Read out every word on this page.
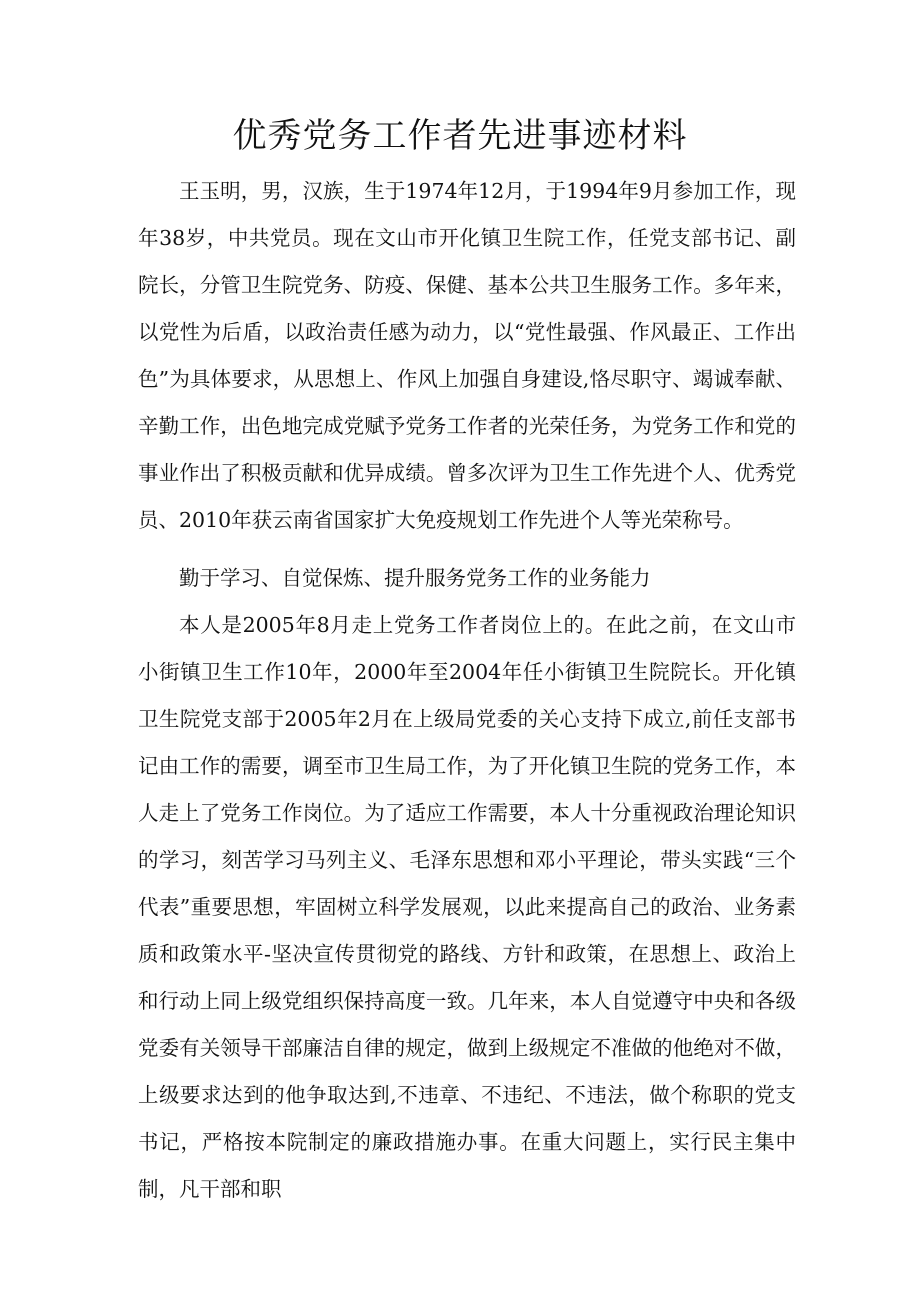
优秀党务工作者先进事迹材料

王玉明，男，汉族，生于1974年12月，于1994年9月参加工作，现年38岁，中共党员。现在文山市开化镇卫生院工作，任党支部书记、副院长，分管卫生院党务、防疫、保健、基本公共卫生服务工作。多年来，以党性为后盾，以政治责任感为动力，以“党性最强、作风最正、工作出色”为具体要求，从思想上、作风上加强自身建设,恪尽职守、竭诚奉献、辛勤工作，出色地完成党赋予党务工作者的光荣任务，为党务工作和党的事业作出了积极贡献和优异成绩。曾多次评为卫生工作先进个人、优秀党员、2010年获云南省国家扩大免疫规划工作先进个人等光荣称号。

勤于学习、自觉保炼、提升服务党务工作的业务能力

本人是2005年8月走上党务工作者岗位上的。在此之前，在文山市小街镇卫生工作10年，2000年至2004年任小街镇卫生院院长。开化镇卫生院党支部于2005年2月在上级局党委的关心支持下成立,前任支部书记由工作的需要，调至市卫生局工作，为了开化镇卫生院的党务工作，本人走上了党务工作岗位。为了适应工作需要，本人十分重视政治理论知识的学习，刻苦学习马列主义、毛泽东思想和邓小平理论，带头实践“三个代表”重要思想，牢固树立科学发展观，以此来提高自己的政治、业务素质和政策水平-坚决宣传贯彻党的路线、方针和政策，在思想上、政治上和行动上同上级党组织保持高度一致。几年来，本人自觉遵守中央和各级党委有关领导干部廉洁自律的规定，做到上级规定不准做的他绝对不做，上级要求达到的他争取达到,不违章、不违纪、不违法，做个称职的党支书记，严格按本院制定的廉政措施办事。在重大问题上，实行民主集中制，凡干部和职
